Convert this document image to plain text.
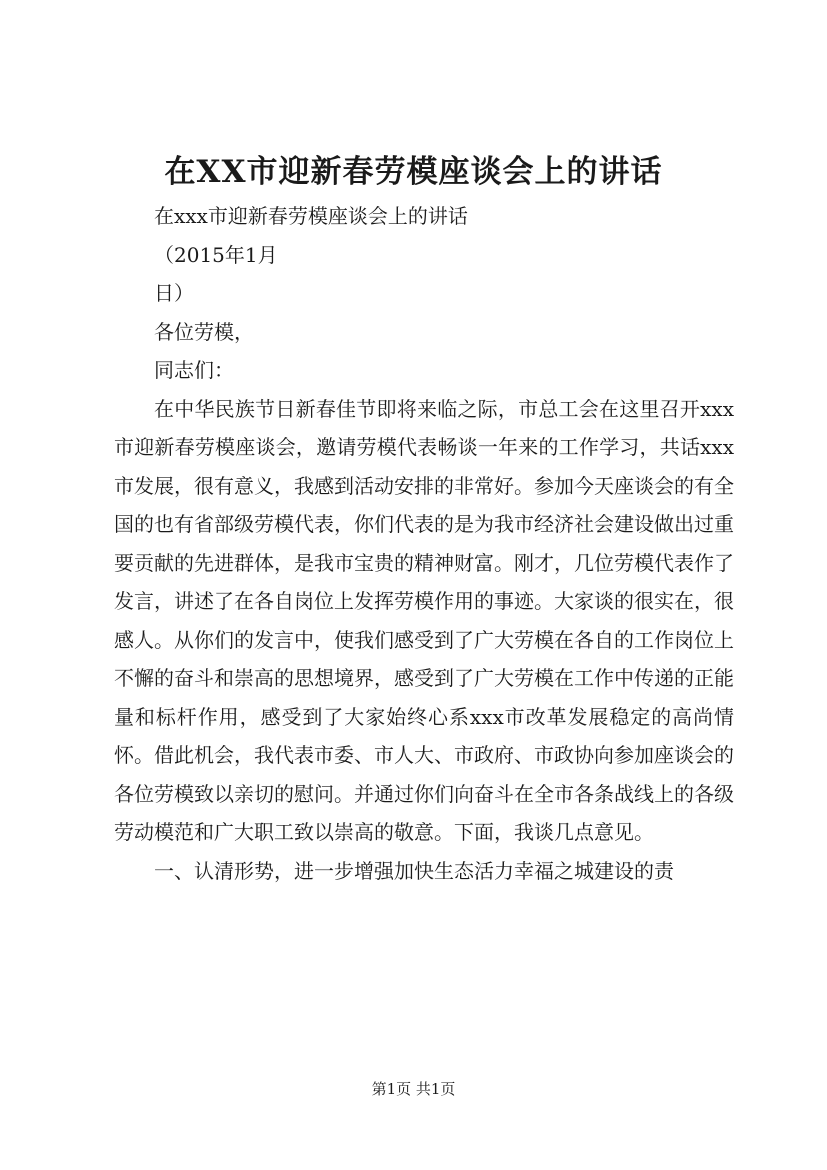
在XX市迎新春劳模座谈会上的讲话
在xxx市迎新春劳模座谈会上的讲话
（2015年1月
日）
各位劳模，
同志们：

在中华民族节日新春佳节即将来临之际，市总工会在这里召开xxx市迎新春劳模座谈会，邀请劳模代表畅谈一年来的工作学习，共话xxx市发展，很有意义，我感到活动安排的非常好。参加今天座谈会的有全国的也有省部级劳模代表，你们代表的是为我市经济社会建设做出过重要贡献的先进群体，是我市宝贵的精神财富。刚才，几位劳模代表作了发言，讲述了在各自岗位上发挥劳模作用的事迹。大家谈的很实在，很感人。从你们的发言中，使我们感受到了广大劳模在各自的工作岗位上不懈的奋斗和崇高的思想境界，感受到了广大劳模在工作中传递的正能量和标杆作用，感受到了大家始终心系xxx市改革发展稳定的高尚情怀。借此机会，我代表市委、市人大、市政府、市政协向参加座谈会的各位劳模致以亲切的慰问。并通过你们向奋斗在全市各条战线上的各级劳动模范和广大职工致以崇高的敬意。下面，我谈几点意见。

一、认清形势，进一步增强加快生态活力幸福之城建设的责

第1页 共1页
